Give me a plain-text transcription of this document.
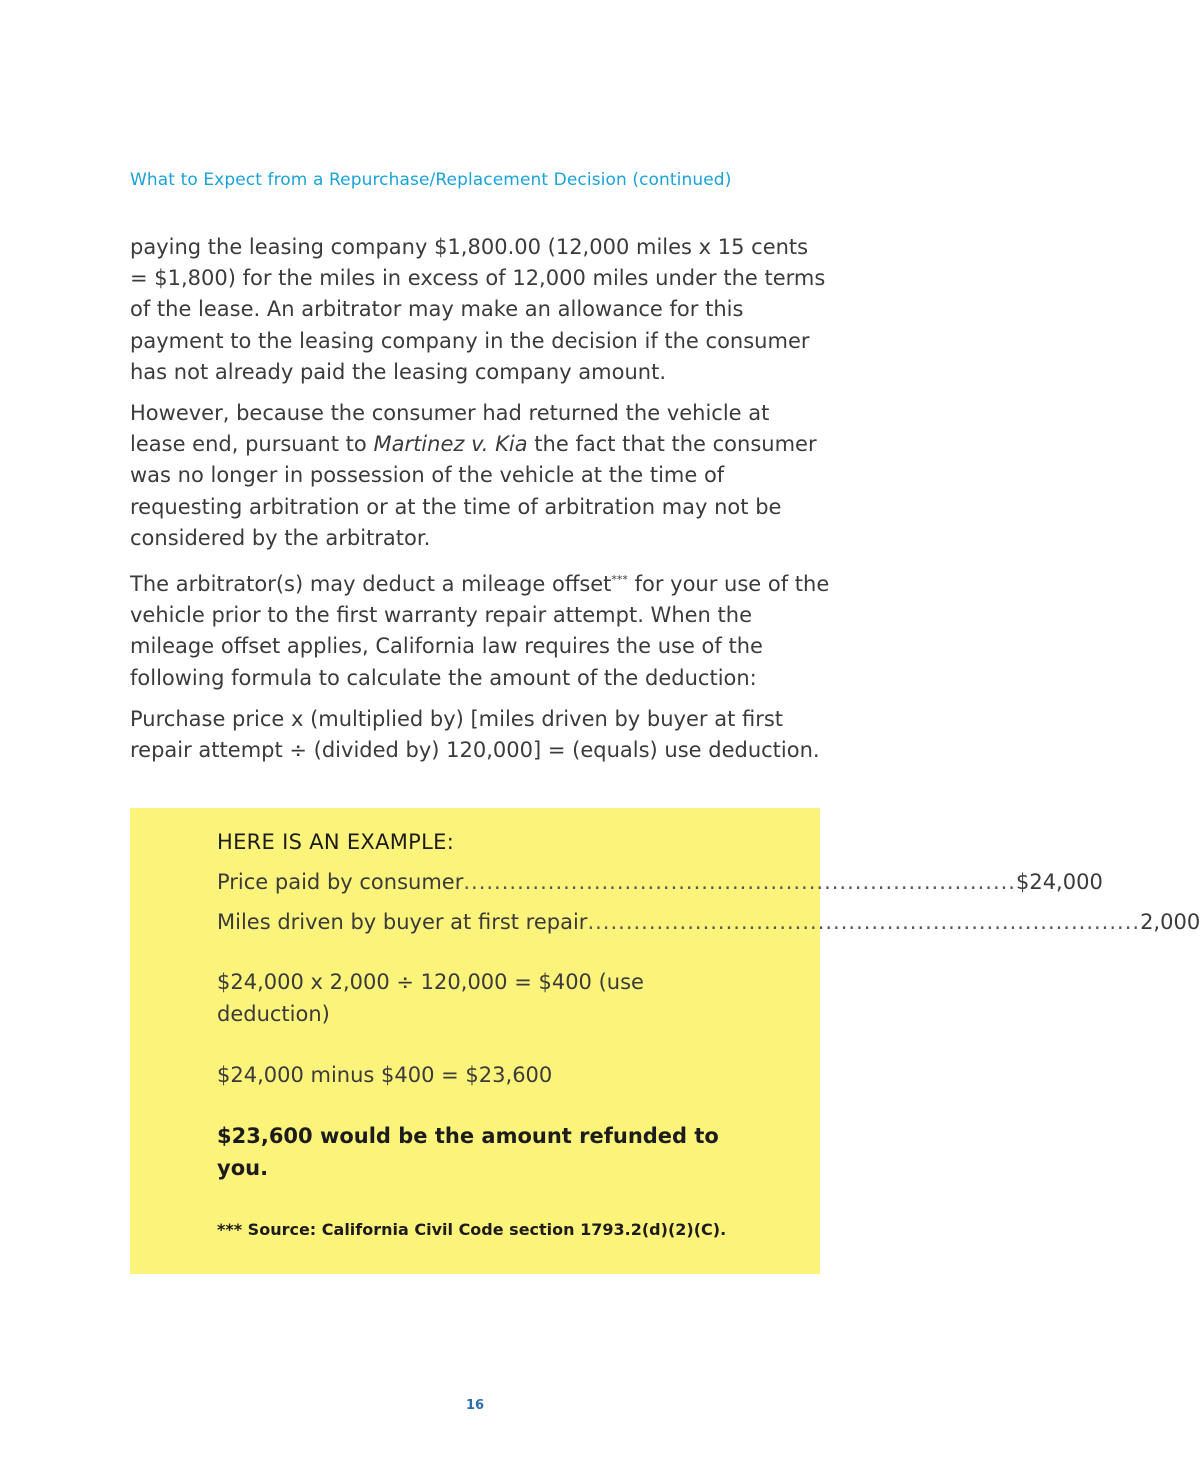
What to Expect from a Repurchase/Replacement Decision (continued)

paying the leasing company $1,800.00 (12,000 miles x 15 cents = $1,800) for the miles in excess of 12,000 miles under the terms of the lease. An arbitrator may make an allowance for this payment to the leasing company in the decision if the consumer has not already paid the leasing company amount.

However, because the consumer had returned the vehicle at lease end, pursuant to Martinez v. Kia the fact that the consumer was no longer in possession of the vehicle at the time of requesting arbitration or at the time of arbitration may not be considered by the arbitrator.

The arbitrator(s) may deduct a mileage offset*** for your use of the vehicle prior to the first warranty repair attempt. When the mileage offset applies, California law requires the use of the following formula to calculate the amount of the deduction:

Purchase price x (multiplied by) [miles driven by buyer at first repair attempt ÷ (divided by) 120,000] = (equals) use deduction.

HERE IS AN EXAMPLE:
Price paid by consumer ........................................................................ $24,000
Miles driven by buyer at first repair ........................................................................ 2,000

$24,000 x 2,000 ÷ 120,000 = $400 (use deduction)

$24,000 minus $400 = $23,600

$23,600 would be the amount refunded to you.

*** Source: California Civil Code section 1793.2(d)(2)(C).
16
